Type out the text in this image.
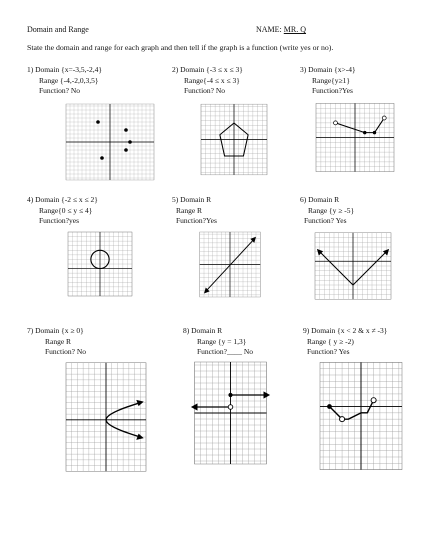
Domain and Range	NAME: MR. Q
State the domain and range for each graph and then tell if the graph is a function (write yes or no).
1) Domain {x=-3,5,-2,4}
Range {-4,-2,0,3,5}
Function? No
2) Domain {-3 ≤ x ≤ 3}
Range{-4 ≤ x ≤ 3}
Function? No
3) Domain {x>-4}
Range{y≥1}
Function?Yes
4) Domain {-2 ≤ x ≤ 2}
Range{0 ≤ y ≤ 4}
Function?yes
5) Domain R
Range R
Function?Yes
6) Domain R
Range {y ≥ -5}
Function? Yes
7) Domain {x ≥ 0}
Range R
Function? No
8) Domain R
Range {y = 1,3}
Function?____ No
9) Domain {x < 2 & x ≠ -3}
Range { y ≥ -2)
Function? Yes
